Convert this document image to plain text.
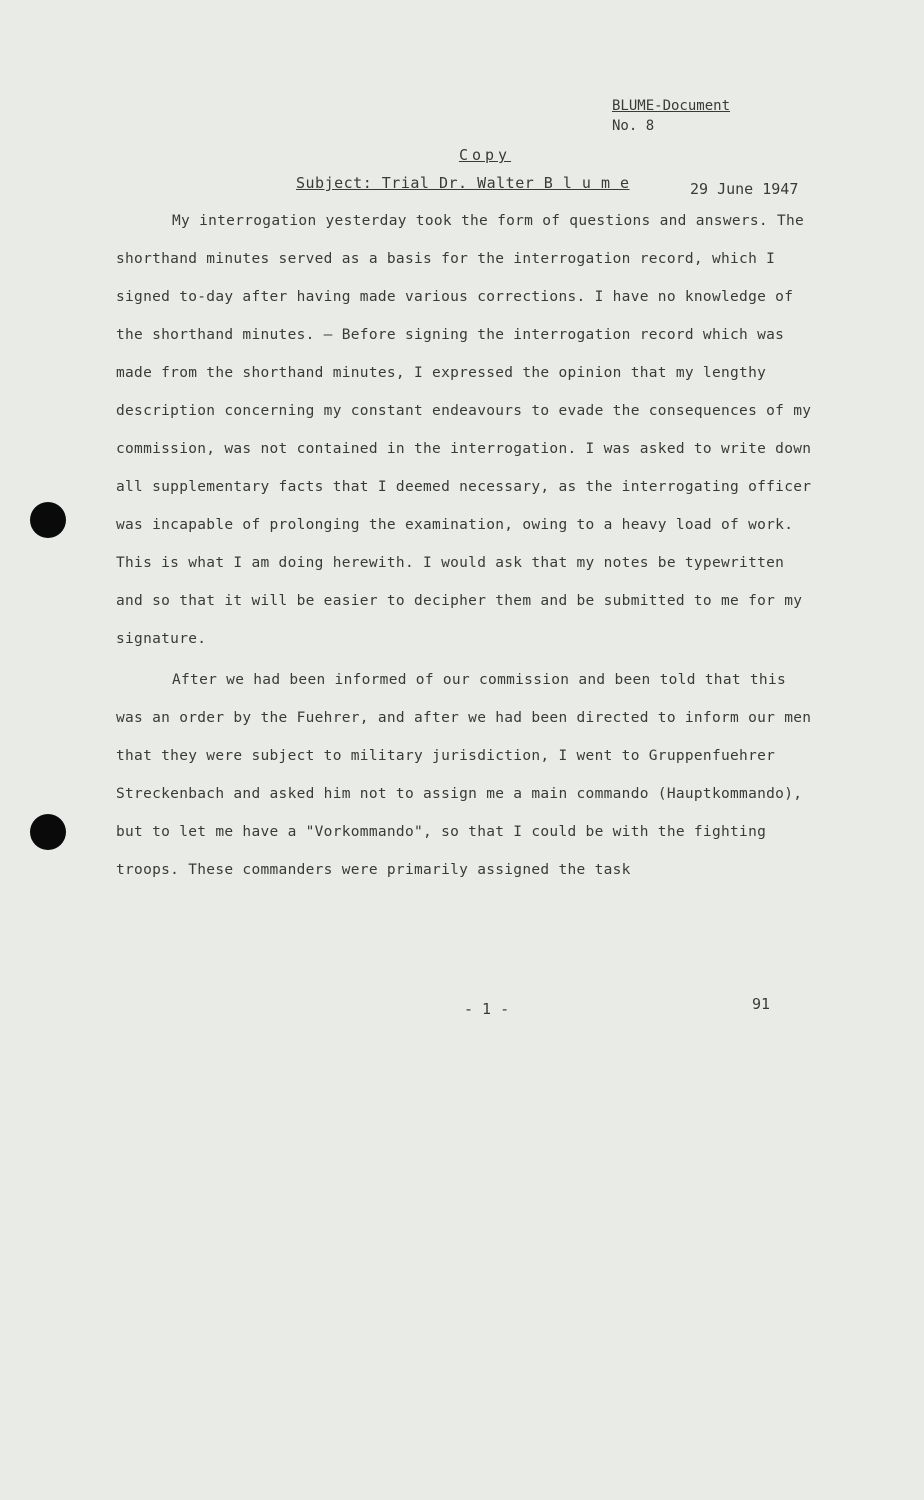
BLUME-Document
No. 8
Copy
Subject: Trial Dr. Walter B l u m e	29 June 1947

My interrogation yesterday took the form of questions and answers. The shorthand minutes served as a basis for the interrogation record, which I signed to-day after having made various corrections. I have no knowledge of the shorthand minutes. — Before signing the interrogation record which was made from the shorthand minutes, I expressed the opinion that my lengthy description concerning my constant endeavours to evade the consequences of my commission, was not contained in the interrogation. I was asked to write down all supplementary facts that I deemed necessary, as the interrogating officer was incapable of prolonging the examination, owing to a heavy load of work. This is what I am doing herewith. I would ask that my notes be typewritten and so that it will be easier to decipher them and be submitted to me for my signature.

After we had been informed of our commission and been told that this was an order by the Fuehrer, and after we had been directed to inform our men that they were subject to military jurisdiction, I went to Gruppenfuehrer Streckenbach and asked him not to assign me a main commando (Hauptkommando), but to let me have a "Vorkommando", so that I could be with the fighting troops. These commanders were primarily assigned the task

- 1 -	91
